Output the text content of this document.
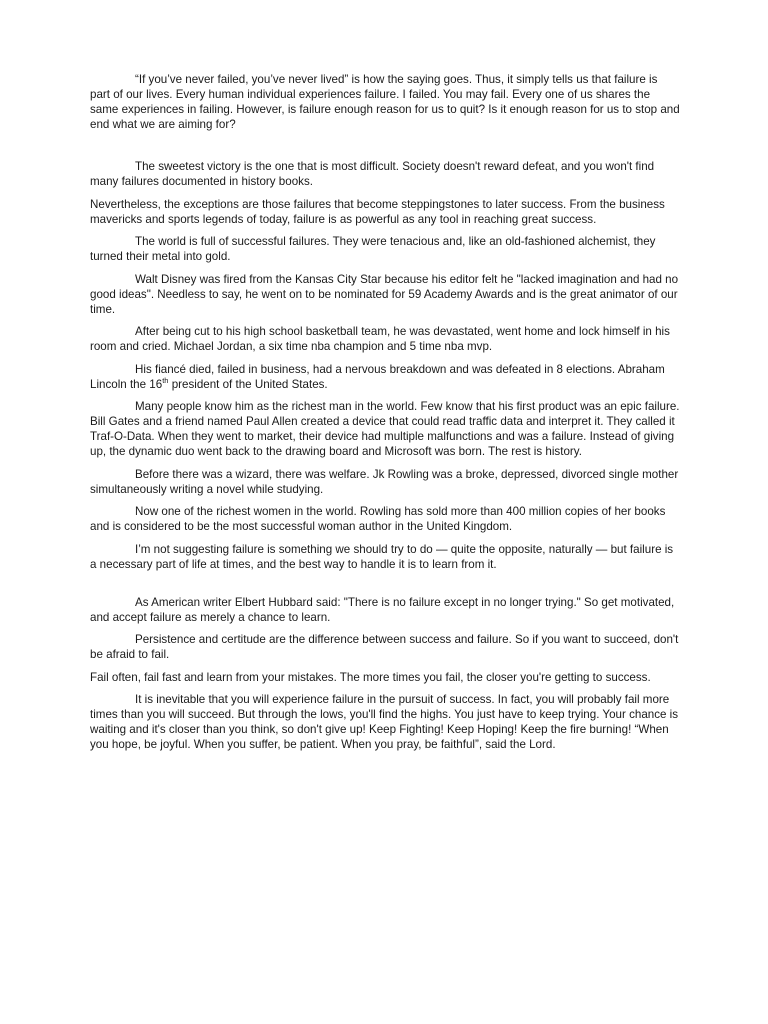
“If you’ve never failed, you’ve never lived” is how the saying goes. Thus, it simply tells us that failure is part of our lives. Every human individual experiences failure. I failed. You may fail. Every one of us shares the same experiences in failing. However, is failure enough reason for us to quit? Is it enough reason for us to stop and end what we are aiming for?

The sweetest victory is the one that is most difficult. Society doesn't reward defeat, and you won't find many failures documented in history books.

Nevertheless, the exceptions are those failures that become steppingstones to later success. From the business mavericks and sports legends of today, failure is as powerful as any tool in reaching great success.

The world is full of successful failures. They were tenacious and, like an old-fashioned alchemist, they turned their metal into gold.

Walt Disney was fired from the Kansas City Star because his editor felt he "lacked imagination and had no good ideas". Needless to say, he went on to be nominated for 59 Academy Awards and is the great animator of our time.

After being cut to his high school basketball team, he was devastated, went home and lock himself in his room and cried. Michael Jordan, a six time nba champion and 5 time nba mvp.

His fiancé died, failed in business, had a nervous breakdown and was defeated in 8 elections. Abraham Lincoln the 16th president of the United States.

Many people know him as the richest man in the world. Few know that his first product was an epic failure. Bill Gates and a friend named Paul Allen created a device that could read traffic data and interpret it. They called it Traf-O-Data. When they went to market, their device had multiple malfunctions and was a failure. Instead of giving up, the dynamic duo went back to the drawing board and Microsoft was born. The rest is history.

Before there was a wizard, there was welfare. Jk Rowling was a broke, depressed, divorced single mother simultaneously writing a novel while studying.

Now one of the richest women in the world. Rowling has sold more than 400 million copies of her books and is considered to be the most successful woman author in the United Kingdom.

I’m not suggesting failure is something we should try to do — quite the opposite, naturally — but failure is a necessary part of life at times, and the best way to handle it is to learn from it.

As American writer Elbert Hubbard said: "There is no failure except in no longer trying." So get motivated, and accept failure as merely a chance to learn.

Persistence and certitude are the difference between success and failure. So if you want to succeed, don't be afraid to fail.

Fail often, fail fast and learn from your mistakes. The more times you fail, the closer you're getting to success.

It is inevitable that you will experience failure in the pursuit of success. In fact, you will probably fail more times than you will succeed. But through the lows, you'll find the highs. You just have to keep trying. Your chance is waiting and it's closer than you think, so don't give up! Keep Fighting! Keep Hoping! Keep the fire burning! “When you hope, be joyful. When you suffer, be patient. When you pray, be faithful”, said the Lord.
